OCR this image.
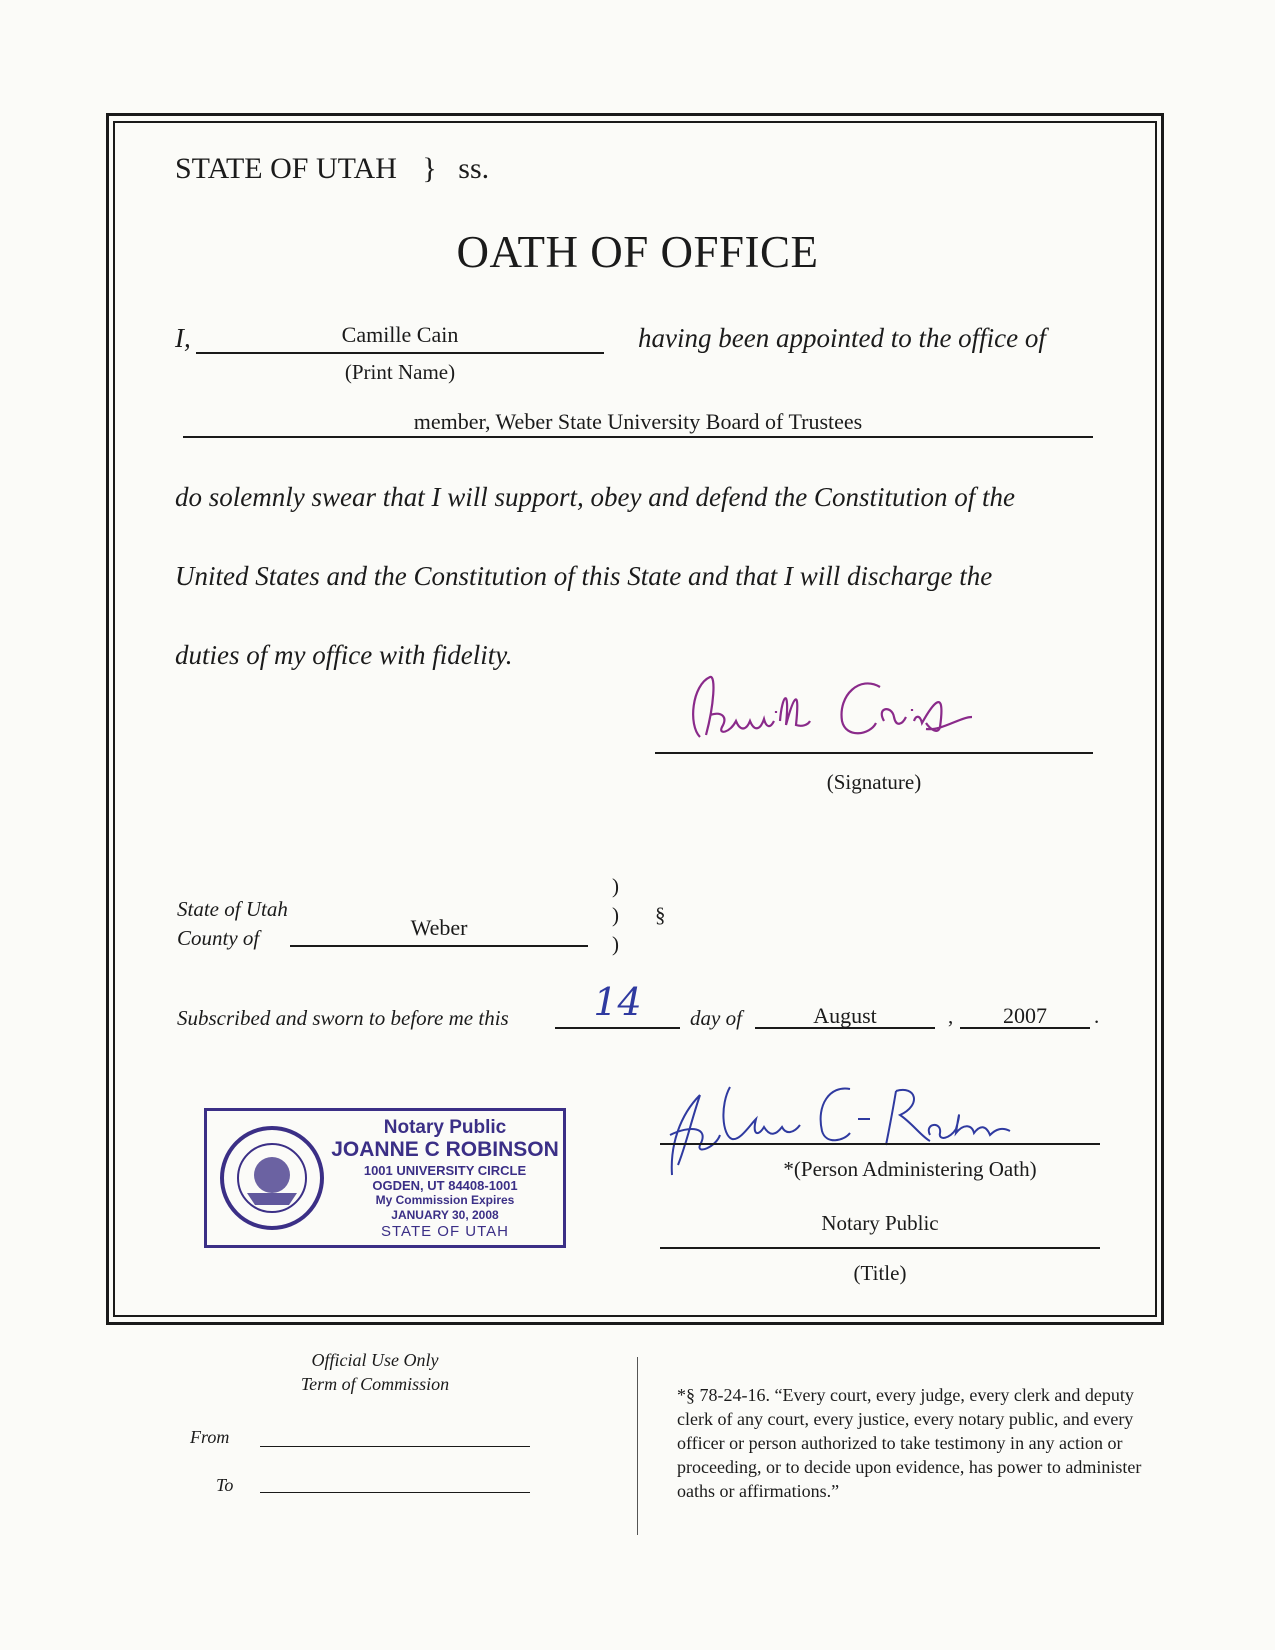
STATE OF UTAH } ss.
OATH OF OFFICE
I,	Camille Cain
(Print Name)
having been appointed to the office of
member, Weber State University Board of Trustees
do solemnly swear that I will support, obey and defend the Constitution of the
United States and the Constitution of this State and that I will discharge the
duties of my office with fidelity.
(Signature)
State of Utah
County of	Weber
)
)
)
§
Subscribed and sworn to before me this	14	day of	August	,	2007	.
Notary Public
JOANNE C ROBINSON
1001 UNIVERSITY CIRCLE
OGDEN, UT 84408-1001
My Commission Expires
JANUARY 30, 2008
STATE OF UTAH
*(Person Administering Oath)
Notary Public
(Title)
Official Use Only
Term of Commission
From
To
*§ 78-24-16. “Every court, every judge, every clerk and deputy clerk of any court, every justice, every notary public, and every officer or person authorized to take testimony in any action or proceeding, or to decide upon evidence, has power to administer oaths or affirmations.”
